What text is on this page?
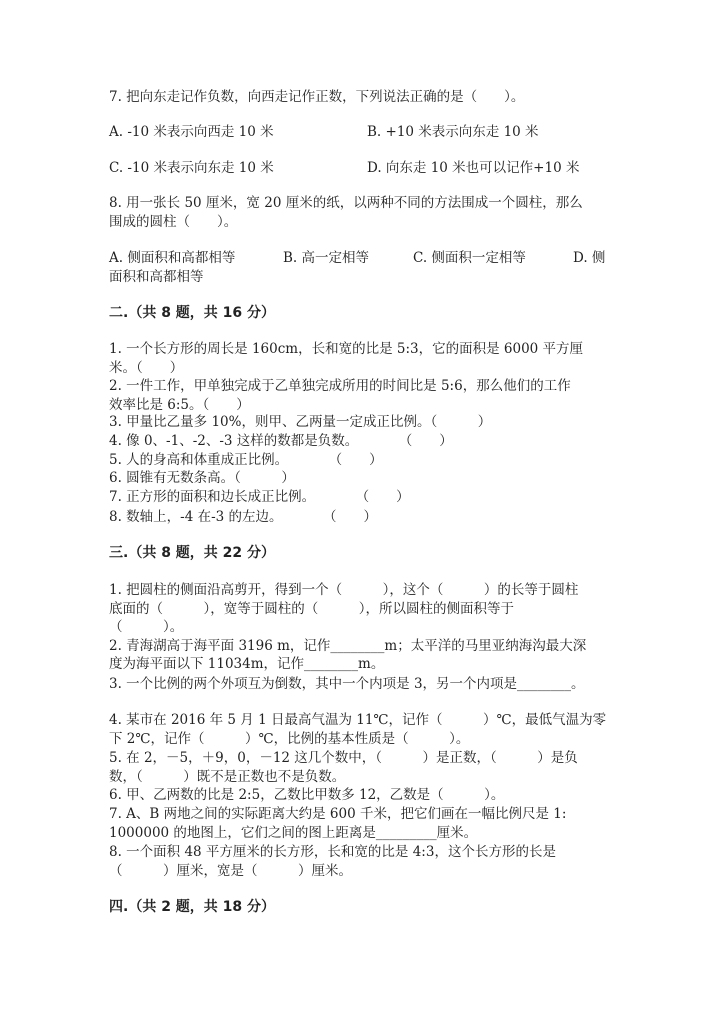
7. 把向东走记作负数，向西走记作正数，下列说法正确的是（　　）。
A. -10 米表示向西走 10 米	B. +10 米表示向东走 10 米
C. -10 米表示向东走 10 米	D. 向东走 10 米也可以记作+10 米
8. 用一张长 50 厘米，宽 20 厘米的纸，以两种不同的方法围成一个圆柱，那么
围成的圆柱（　　）。
A. 侧面积和高都相等	B. 高一定相等	C. 侧面积一定相等	D. 侧
面积和高都相等
二.（共 8 题，共 16 分）
1. 一个长方形的周长是 160cm，长和宽的比是 5:3，它的面积是 6000 平方厘
米。（　　）
2. 一件工作，甲单独完成于乙单独完成所用的时间比是 5:6，那么他们的工作
效率比是 6:5。（　　）
3. 甲量比乙量多 10%，则甲、乙两量一定成正比例。（　　　）
4. 像 0、-1、-2、-3 这样的数都是负数。　　　　（　　）
5. 人的身高和体重成正比例。　　　　（　　）
6. 圆锥有无数条高。（　　　）
7. 正方形的面积和边长成正比例。　　　　（　　）
8. 数轴上，-4 在-3 的左边。　　　　（　　）
三.（共 8 题，共 22 分）
1. 把圆柱的侧面沿高剪开，得到一个（　　　），这个（　　　）的长等于圆柱
底面的（　　　），宽等于圆柱的（　　　），所以圆柱的侧面积等于
（　　　）。
2. 青海湖高于海平面 3196 m，记作________m；太平洋的马里亚纳海沟最大深
度为海平面以下 11034m，记作________m。
3. 一个比例的两个外项互为倒数，其中一个内项是 3，另一个内项是________。
4. 某市在 2016 年 5 月 1 日最高气温为 11℃，记作（　　　）℃，最低气温为零
下 2℃，记作（　　　）℃，比例的基本性质是（　　　）。
5. 在 2，－5，＋9，0，－12 这几个数中，（　　　）是正数，（　　　）是负
数，（　　　）既不是正数也不是负数。
6. 甲、乙两数的比是 2:5，乙数比甲数多 12，乙数是（　　　）。
7. A、B 两地之间的实际距离大约是 600 千米，把它们画在一幅比例尺是 1:
1000000 的地图上，它们之间的图上距离是_________厘米。
8. 一个面积 48 平方厘米的长方形，长和宽的比是 4:3，这个长方形的长是
（　　　）厘米，宽是（　　　）厘米。
四.（共 2 题，共 18 分）
